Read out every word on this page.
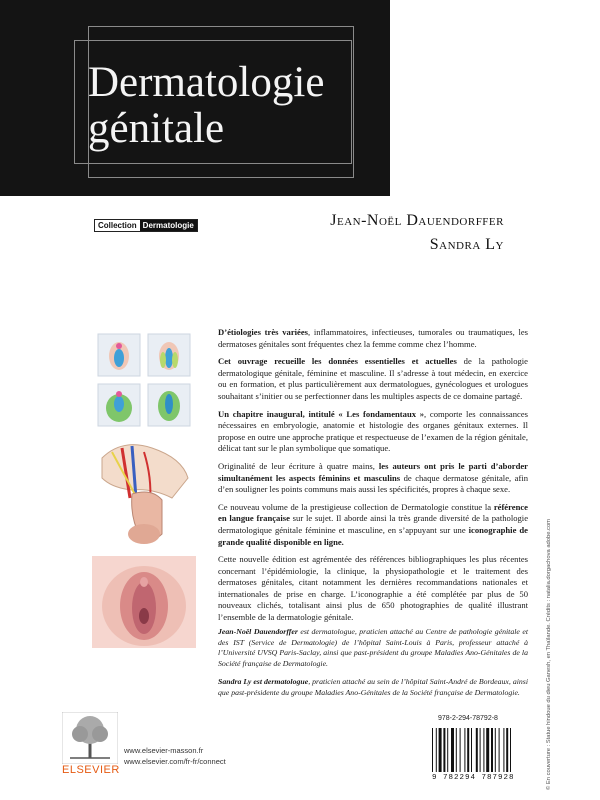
Dermatologie
génitale
Collection Dermatologie	Jean-Noël Dauendorffer
Sandra Ly

D’étiologies très variées, inflammatoires, infectieuses, tumorales ou traumatiques, les dermatoses génitales sont fréquentes chez la femme comme chez l’homme.

Cet ouvrage recueille les données essentielles et actuelles de la pathologie dermatologique génitale, féminine et masculine. Il s’adresse à tout médecin, en exercice ou en formation, et plus particulièrement aux dermatologues, gynécologues et urologues souhaitant s’initier ou se perfectionner dans les multiples aspects de ce domaine partagé.

Un chapitre inaugural, intitulé « Les fondamentaux », comporte les connaissances nécessaires en embryologie, anatomie et histologie des organes génitaux externes. Il propose en outre une approche pratique et respectueuse de l’examen de la région génitale, délicat tant sur le plan symbolique que somatique.

Originalité de leur écriture à quatre mains, les auteurs ont pris le parti d’aborder simultanément les aspects féminins et masculins de chaque dermatose génitale, afin d’en souligner les points communs mais aussi les spécificités, propres à chaque sexe.

Ce nouveau volume de la prestigieuse collection de Dermatologie constitue la référence en langue française sur le sujet. Il aborde ainsi la très grande diversité de la pathologie dermatologique génitale féminine et masculine, en s’appuyant sur une iconographie de grande qualité disponible en ligne.

Cette nouvelle édition est agrémentée des références bibliographiques les plus récentes concernant l’épidémiologie, la clinique, la physiopathologie et le traitement des dermatoses génitales, citant notamment les dernières recommandations nationales et internationales de prise en charge. L’iconographie a été complétée par plus de 50 nouveaux clichés, totalisant ainsi plus de 650 photographies de qualité illustrant l’ensemble de la dermatologie génitale.

Jean-Noël Dauendorffer est dermatologue, praticien attaché au Centre de pathologie génitale et des IST (Service de Dermatologie) de l’hôpital Saint-Louis à Paris, professeur attaché à l’Université UVSQ Paris-Saclay, ainsi que past-président du groupe Maladies Ano-Génitales de la Société française de Dermatologie.

Sandra Ly est dermatologue, praticien attaché au sein de l’hôpital Saint-André de Bordeaux, ainsi que past-présidente du groupe Maladies Ano-Génitales de la Société française de Dermatologie.

ELSEVIER
www.elsevier-masson.fr
www.elsevier.com/fr-fr/connect
978-2-294-78792-8
9 782294 787928	© En couverture : Statue hindoue du dieu Ganesh, en Thaïlande. Crédits : natalia.dorgachova adobe.com
